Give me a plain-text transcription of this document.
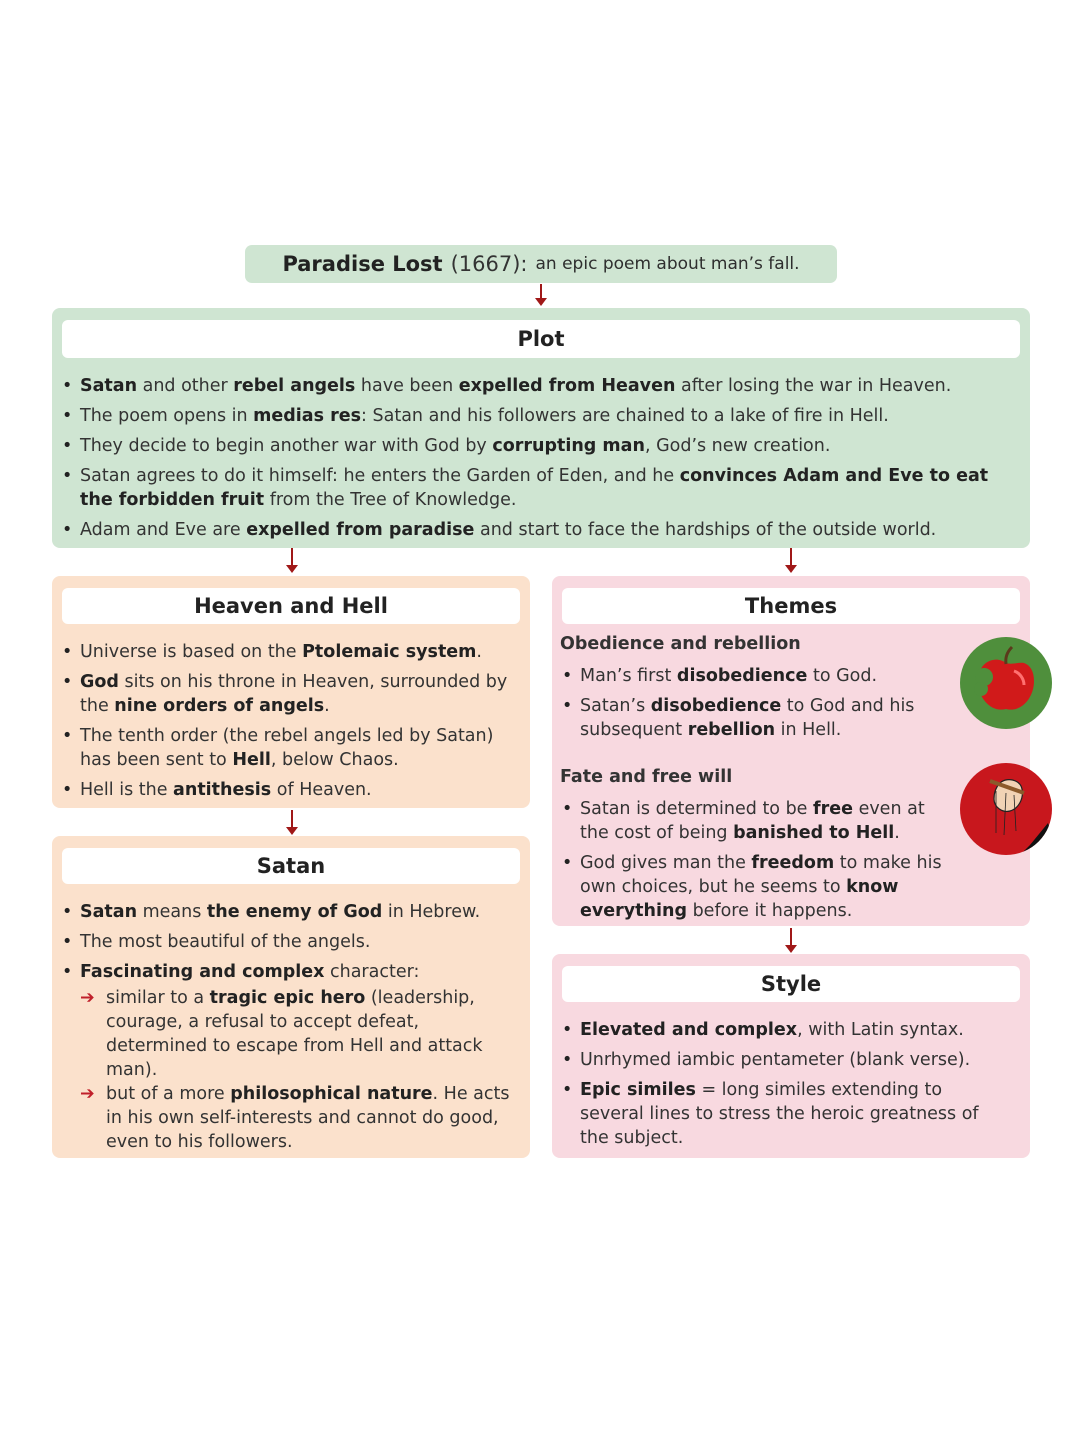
Paradise Lost (1667): an epic poem about man’s fall.
Plot
• Satan and other rebel angels have been expelled from Heaven after losing the war in Heaven.
• The poem opens in medias res: Satan and his followers are chained to a lake of fire in Hell.
• They decide to begin another war with God by corrupting man, God’s new creation.
• Satan agrees to do it himself: he enters the Garden of Eden, and he convinces Adam and Eve to eat the forbidden fruit from the Tree of Knowledge.
• Adam and Eve are expelled from paradise and start to face the hardships of the outside world.
Heaven and Hell
• Universe is based on the Ptolemaic system.
• God sits on his throne in Heaven, surrounded by the nine orders of angels.
• The tenth order (the rebel angels led by Satan) has been sent to Hell, below Chaos.
• Hell is the antithesis of Heaven.
Satan
• Satan means the enemy of God in Hebrew.
• The most beautiful of the angels.
• Fascinating and complex character:
➔ similar to a tragic epic hero (leadership, courage, a refusal to accept defeat, determined to escape from Hell and attack man).
➔ but of a more philosophical nature. He acts in his own self-interests and cannot do good, even to his followers.
Themes
Obedience and rebellion
• Man’s first disobedience to God.
• Satan’s disobedience to God and his subsequent rebellion in Hell.
Fate and free will
• Satan is determined to be free even at the cost of being banished to Hell.
• God gives man the freedom to make his own choices, but he seems to know everything before it happens.
Style
• Elevated and complex, with Latin syntax.
• Unrhymed iambic pentameter (blank verse).
• Epic similes = long similes extending to several lines to stress the heroic greatness of the subject.
